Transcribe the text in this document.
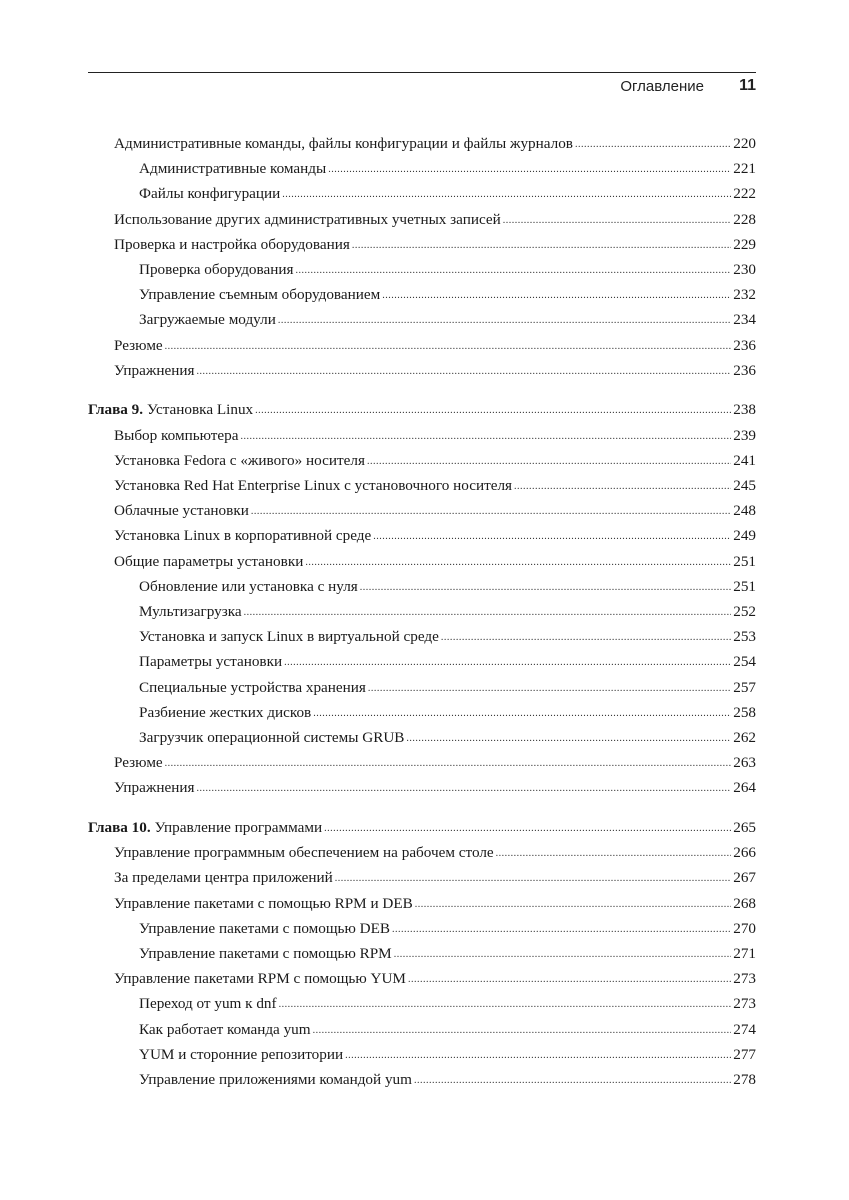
Оглавление 11
Административные команды, файлы конфигурации и файлы журналов .....	220
Административные команды .....	221
Файлы конфигурации .....	222
Использование других административных учетных записей .....	228
Проверка и настройка оборудования .....	229
Проверка оборудования .....	230
Управление съемным оборудованием .....	232
Загружаемые модули .....	234
Резюме .....	236
Упражнения .....	236
Глава 9. Установка Linux .....	238
Выбор компьютера .....	239
Установка Fedora с «живого» носителя .....	241
Установка Red Hat Enterprise Linux с установочного носителя .....	245
Облачные установки .....	248
Установка Linux в корпоративной среде .....	249
Общие параметры установки .....	251
Обновление или установка с нуля .....	251
Мультизагрузка .....	252
Установка и запуск Linux в виртуальной среде .....	253
Параметры установки .....	254
Специальные устройства хранения .....	257
Разбиение жестких дисков .....	258
Загрузчик операционной системы GRUB .....	262
Резюме .....	263
Упражнения .....	264
Глава 10. Управление программами .....	265
Управление программным обеспечением на рабочем столе .....	266
За пределами центра приложений .....	267
Управление пакетами с помощью RPM и DEB .....	268
Управление пакетами с помощью DEB .....	270
Управление пакетами с помощью RPM .....	271
Управление пакетами RPM с помощью YUM .....	273
Переход от yum к dnf .....	273
Как работает команда yum .....	274
YUM и сторонние репозитории .....	277
Управление приложениями командой yum .....	278
